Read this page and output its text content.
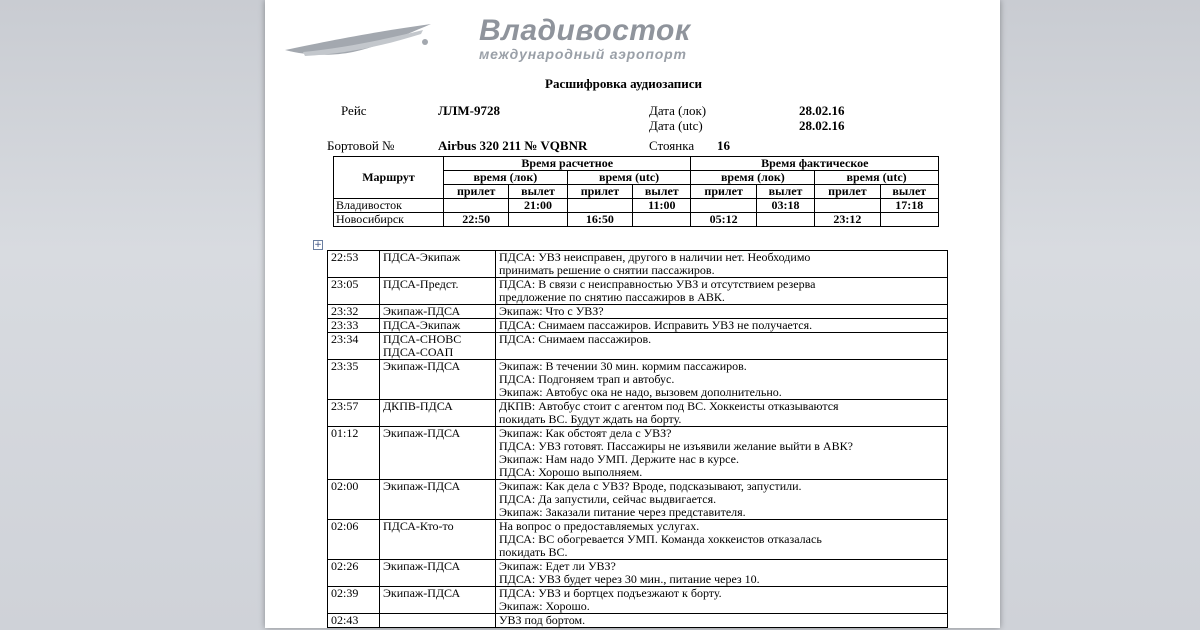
Владивосток
международный аэропорт
Расшифровка аудиозаписи
Рейс	ЛЛМ-9728	Дата (лок)	28.02.16
Дата (utc)	28.02.16
Бортовой №	Airbus 320 211 № VQBNR	Стоянка 16
Маршрут	Время расчетное				Время фактическое			
	время (лок)		время (utc)		время (лок)		время (utc)	
	прилет	вылет	прилет	вылет	прилет	вылет	прилет	вылет
Владивосток		21:00		11:00		03:18		17:18
Новосибирск	22:50		16:50		05:12		23:12	
+
22:53	ПДСА-Экипаж	ПДСА: УВЗ неисправен, другого в наличии нет. Необходимо
принимать решение о снятии пассажиров.

23:05	ПДСА-Предст.	ПДСА: В связи с неисправностью УВЗ и отсутствием резерва
предложение по снятию пассажиров в АВК.

23:32	Экипаж-ПДСА	Экипаж: Что с УВЗ?

23:33	ПДСА-Экипаж	ПДСА: Снимаем пассажиров. Исправить УВЗ не получается.

23:34	ПДСА-СНОВС
ПДСА-СОАП	ПДСА: Снимаем пассажиров.

23:35	Экипаж-ПДСА	Экипаж: В течении 30 мин. кормим пассажиров.
ПДСА: Подгоняем трап и автобус.
Экипаж: Автобус ока не надо, вызовем дополнительно.

23:57	ДКПВ-ПДСА	ДКПВ: Автобус стоит с агентом под ВС. Хоккеисты отказываются
покидать ВС. Будут ждать на борту.

01:12	Экипаж-ПДСА	Экипаж: Как обстоят дела с УВЗ?
ПДСА: УВЗ готовят. Пассажиры не изъявили желание выйти в АВК?
Экипаж: Нам надо УМП. Держите нас в курсе.
ПДСА: Хорошо выполняем.

02:00	Экипаж-ПДСА	Экипаж: Как дела с УВЗ? Вроде, подсказывают, запустили.
ПДСА: Да запустили, сейчас выдвигается.
Экипаж: Заказали питание через представителя.

02:06	ПДСА-Кто-то	На вопрос о предоставляемых услугах.
ПДСА: ВС обогревается УМП. Команда хоккеистов отказалась
покидать ВС.

02:26	Экипаж-ПДСА	Экипаж: Едет ли УВЗ?
ПДСА: УВЗ будет через 30 мин., питание через 10.

02:39	Экипаж-ПДСА	ПДСА: УВЗ и бортцех подъезжают к борту.
Экипаж: Хорошо.

02:43		УВЗ под бортом.
